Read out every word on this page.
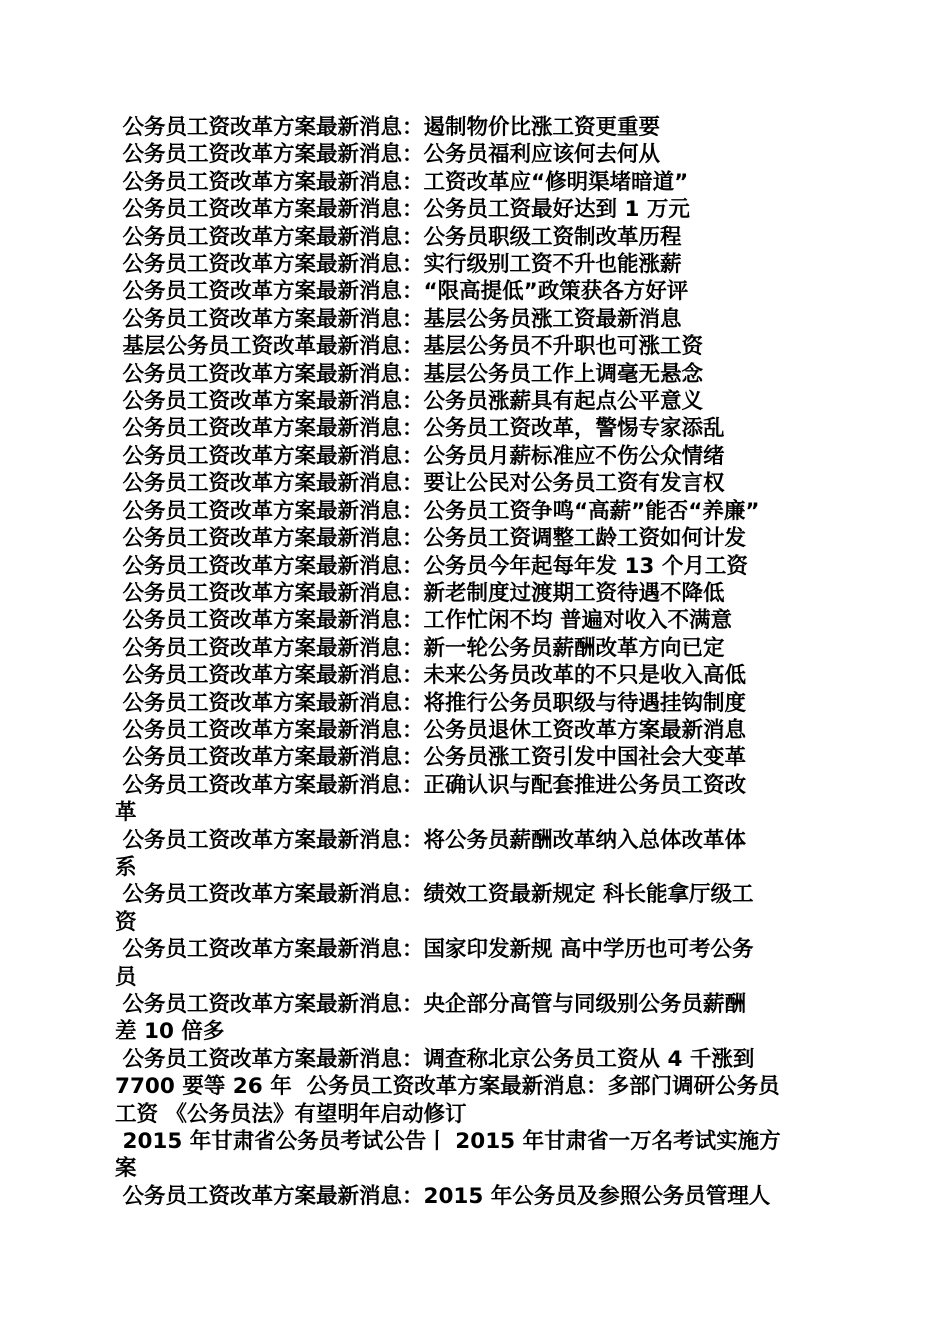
公务员工资改革方案最新消息：遏制物价比涨工资更重要
公务员工资改革方案最新消息：公务员福利应该何去何从
公务员工资改革方案最新消息：工资改革应“修明渠堵暗道”
公务员工资改革方案最新消息：公务员工资最好达到 1 万元
公务员工资改革方案最新消息：公务员职级工资制改革历程
公务员工资改革方案最新消息：实行级别工资不升也能涨薪
公务员工资改革方案最新消息：“限高提低”政策获各方好评
公务员工资改革方案最新消息：基层公务员涨工资最新消息
基层公务员工资改革最新消息：基层公务员不升职也可涨工资
公务员工资改革方案最新消息：基层公务员工作上调毫无悬念
公务员工资改革方案最新消息：公务员涨薪具有起点公平意义
公务员工资改革方案最新消息：公务员工资改革，警惕专家添乱
公务员工资改革方案最新消息：公务员月薪标准应不伤公众情绪
公务员工资改革方案最新消息：要让公民对公务员工资有发言权
公务员工资改革方案最新消息：公务员工资争鸣“高薪”能否“养廉”
公务员工资改革方案最新消息：公务员工资调整工龄工资如何计发
公务员工资改革方案最新消息：公务员今年起每年发 13 个月工资
公务员工资改革方案最新消息：新老制度过渡期工资待遇不降低
公务员工资改革方案最新消息：工作忙闲不均 普遍对收入不满意
公务员工资改革方案最新消息：新一轮公务员薪酬改革方向已定
公务员工资改革方案最新消息：未来公务员改革的不只是收入高低
公务员工资改革方案最新消息：将推行公务员职级与待遇挂钩制度
公务员工资改革方案最新消息：公务员退休工资改革方案最新消息
公务员工资改革方案最新消息：公务员涨工资引发中国社会大变革
公务员工资改革方案最新消息：正确认识与配套推进公务员工资改
革
公务员工资改革方案最新消息：将公务员薪酬改革纳入总体改革体
系
公务员工资改革方案最新消息：绩效工资最新规定 科长能拿厅级工
资
公务员工资改革方案最新消息：国家印发新规 高中学历也可考公务
员
公务员工资改革方案最新消息：央企部分高管与同级别公务员薪酬
差 10 倍多
公务员工资改革方案最新消息：调查称北京公务员工资从 4 千涨到
7700 要等 26 年  公务员工资改革方案最新消息：多部门调研公务员
工资 《公务员法》有望明年启动修订
2015 年甘肃省公务员考试公告丨 2015 年甘肃省一万名考试实施方
案
公务员工资改革方案最新消息：2015 年公务员及参照公务员管理人
